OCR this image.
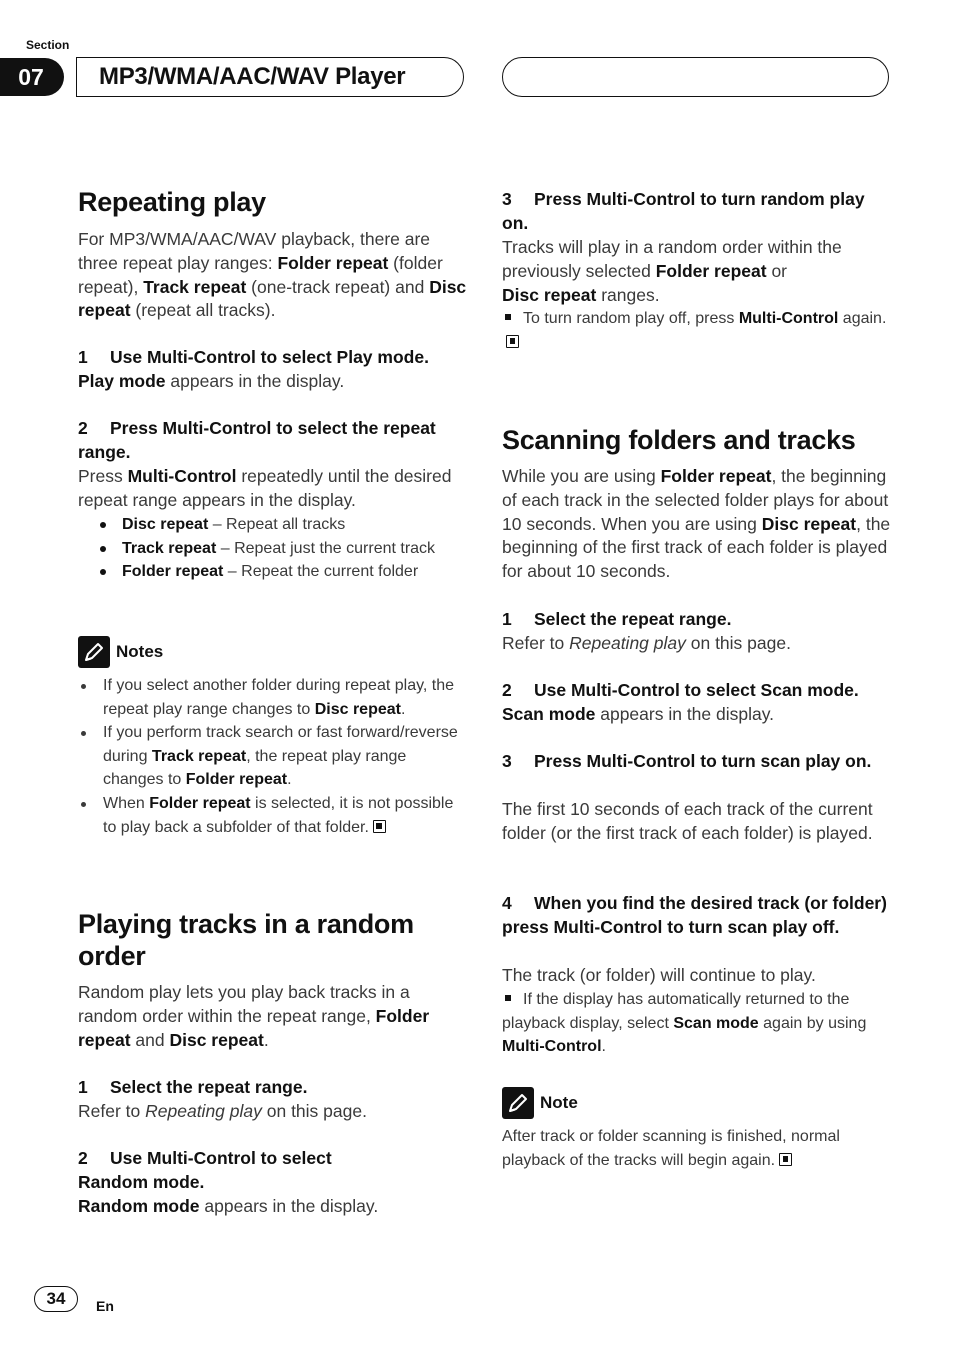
Section
07	MP3/WMA/AAC/WAV Player
Repeating play

For MP3/WMA/AAC/WAV playback, there are three repeat play ranges: Folder repeat (folder repeat), Track repeat (one-track repeat) and Disc repeat (repeat all tracks).

1 Use Multi-Control to select Play mode.

Play mode appears in the display.

2 Press Multi-Control to select the repeat range.

Press Multi-Control repeatedly until the desired repeat range appears in the display.

Disc repeat – Repeat all tracks
Track repeat – Repeat just the current track
Folder repeat – Repeat the current folder
Notes
If you select another folder during repeat play, the repeat play range changes to Disc repeat.
If you perform track search or fast forward/reverse during Track repeat, the repeat play range changes to Folder repeat.
When Folder repeat is selected, it is not possible to play back a subfolder of that folder.
Playing tracks in a random order

Random play lets you play back tracks in a random order within the repeat range, Folder repeat and Disc repeat.

1 Select the repeat range.

Refer to Repeating play on this page.

2 Use Multi-Control to select Random mode.

Random mode appears in the display.

3 Press Multi-Control to turn random play on.

Tracks will play in a random order within the previously selected Folder repeat or
Disc repeat ranges.

To turn random play off, press Multi-Control again.

Scanning folders and tracks

While you are using Folder repeat, the beginning of each track in the selected folder plays for about 10 seconds. When you are using Disc repeat, the beginning of the first track of each folder is played for about 10 seconds.

1 Select the repeat range.

Refer to Repeating play on this page.

2 Use Multi-Control to select Scan mode.

Scan mode appears in the display.

3 Press Multi-Control to turn scan play on.

The first 10 seconds of each track of the current folder (or the first track of each folder) is played.

4 When you find the desired track (or folder) press Multi-Control to turn scan play off.

The track (or folder) will continue to play.

If the display has automatically returned to the playback display, select Scan mode again by using Multi-Control.

Note

After track or folder scanning is finished, normal playback of the tracks will begin again.

34	En
